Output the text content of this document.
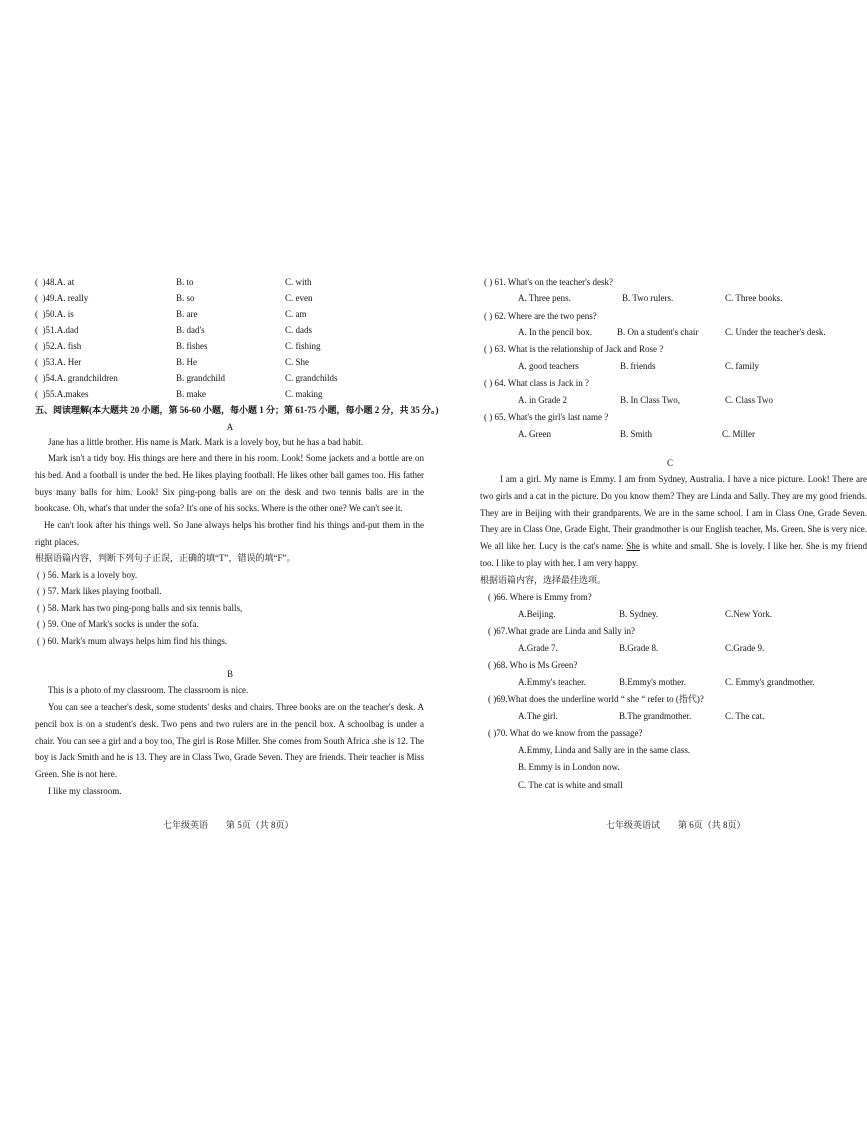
( )48.A. at	B. to	C. with
( )49.A. really	B. so	C. even
( )50.A. is	B. are	C. am
( )51.A.dad	B. dad's	C. dads
( )52.A. fish	B. fishes	C. fishing
( )53.A. Her	B. He	C. She
( )54.A. grandchildren	B. grandchild	C. grandchilds
( )55.A.makes	B. make	C. making
五、阅读理解(本大题共 20 小题，第 56-60 小题，每小题 1 分；第 61-75 小题，每小题 2 分，共 35 分。)
A
Jane has a little brother. His name is Mark. Mark is a lovely boy, but he has a bad habit.
Mark isn't a tidy boy. His things are here and there in his room. Look! Some jackets and a bottle are on his bed. And a football is under the bed. He likes playing football. He likes other ball games too. His father buys many balls for him. Look! Six ping-pong balls are on the desk and two tennis balls are in the bookcase. Oh, what's that under the sofa? It's one of his socks. Where is the other one? We can't see it.
He can't look after his things well. So Jane always helps his brother find his things and-put them in the right places.
根据语篇内容，判断下列句子正误，正确的填“T”，错误的填“F”。
( ) 56. Mark is a lovely boy.
( ) 57. Mark likes playing football.
( ) 58. Mark has two ping-pong balls and six tennis balls,
( ) 59. One of Mark's socks is under the sofa.
( ) 60. Mark's mum always helps him find his things.
B
This is a photo of my classroom. The classroom is nice.
You can see a teacher's desk, some students' desks and chairs. Three books are on the teacher's desk. A pencil box is on a student's desk. Two pens and two rulers are in the pencil box. A schoolbag is under a chair. You can see a girl and a boy too, The girl is Rose Miller. She comes from South Africa .she is 12. The boy is Jack Smith and he is 13. They are in Class Two, Grade Seven. They are friends. Their teacher is Miss Green. She is not here.
I like my classroom.
七年级英语　　第 5页（共 8页）
( ) 61. What's on the teacher's desk?
A. Three pens.	B. Two rulers.	C. Three books.
( ) 62. Where are the two pens?
A. In the pencil box.	B. On a student's chair	C. Under the teacher's desk.
( ) 63. What is the relationship of Jack and Rose ?
A. good teachers	B. friends	C. family
( ) 64. What class is Jack in ?
A. in Grade 2	B. In Class Two,	C. Class Two
( ) 65. What's the girl's last name ?
A. Green	B. Smith	C. Miller
C
I am a girl. My name is Emmy. I am from Sydney, Australia. I have a nice picture. Look! There are two girls and a cat in the picture. Do you know them? They are Linda and Sally. They are my good friends. They are in Beijing with their grandparents. We are in the same school. I am in Class One, Grade Seven. They are in Class One, Grade Eight. Their grandmother is our English teacher, Ms. Green. She is very nice. We all like her. Lucy is the cat's name. She is white and small. She is lovely. I like her. She is my friend too. I like to play with her. I am very happy.
根据语篇内容，选择最佳选项。
( )66. Where is Emmy from?
A.Beijing.	B. Sydney.	C.New York.
( )67.What grade are Linda and Sally in?
A.Grade 7.	B.Grade 8.	C.Grade 9.
( )68. Who is Ms Green?
A.Emmy's teacher.	B.Emmy's mother.	C. Emmy's grandmother.
( )69.What does the underline world “ she “ refer to (指代)?
A.The girl.	B.The grandmother.	C. The cat.
( )70. What do we know from the passage?
A.Emmy, Linda and Sally are in the same class.
B. Emmy is in London now.
C. The cat is white and small
七年级英语试　　第 6页（共 8页）
